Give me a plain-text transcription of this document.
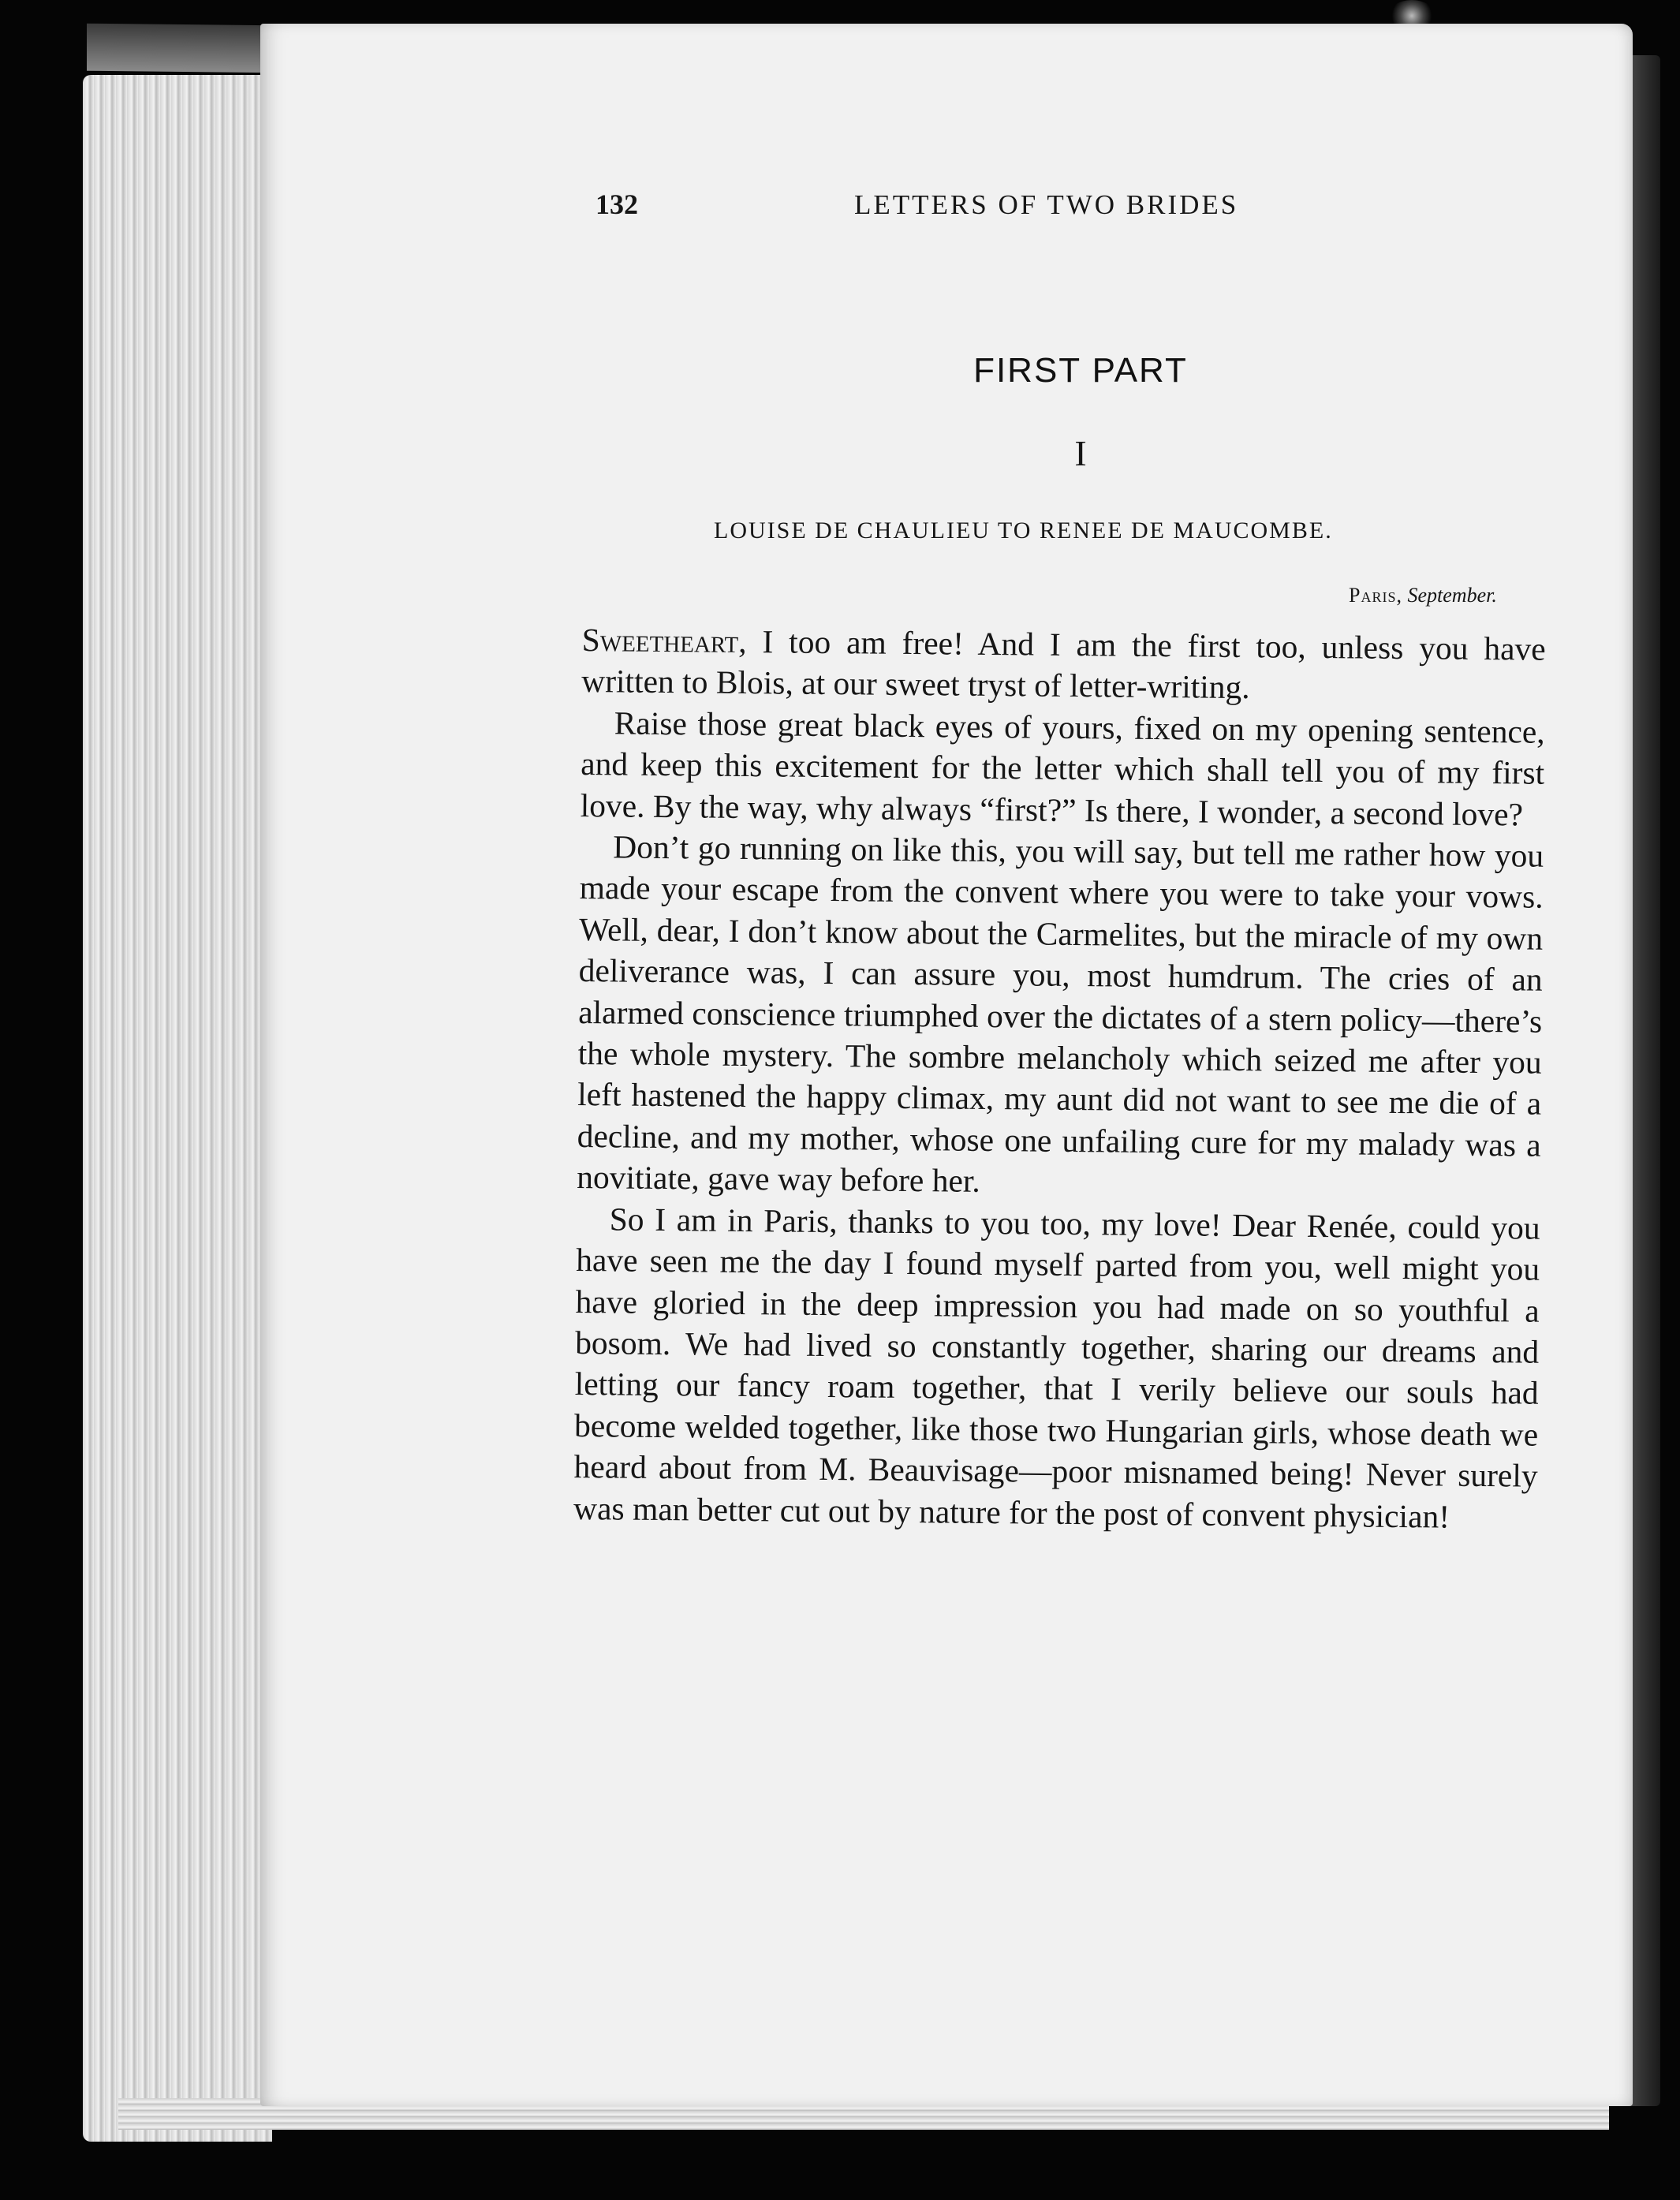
132	LETTERS OF TWO BRIDES
FIRST PART
I
LOUISE DE CHAULIEU TO RENEE DE MAUCOMBE.
Paris, September.

Sweetheart, I too am free! And I am the first too, unless you have written to Blois, at our sweet tryst of letter-writing.

Raise those great black eyes of yours, fixed on my opening sentence, and keep this excitement for the letter which shall tell you of my first love. By the way, why always “first?” Is there, I wonder, a second love?

Don’t go running on like this, you will say, but tell me rather how you made your escape from the convent where you were to take your vows. Well, dear, I don’t know about the Carmelites, but the miracle of my own deliverance was, I can assure you, most humdrum. The cries of an alarmed conscience triumphed over the dictates of a stern policy—there’s the whole mystery. The sombre melancholy which seized me after you left hastened the happy climax, my aunt did not want to see me die of a decline, and my mother, whose one unfailing cure for my malady was a novitiate, gave way before her.

So I am in Paris, thanks to you too, my love! Dear Renée, could you have seen me the day I found myself parted from you, well might you have gloried in the deep impression you had made on so youthful a bosom. We had lived so constantly together, sharing our dreams and letting our fancy roam together, that I verily believe our souls had become welded together, like those two Hungarian girls, whose death we heard about from M. Beauvisage—poor misnamed being! Never surely was man better cut out by nature for the post of convent physician!
